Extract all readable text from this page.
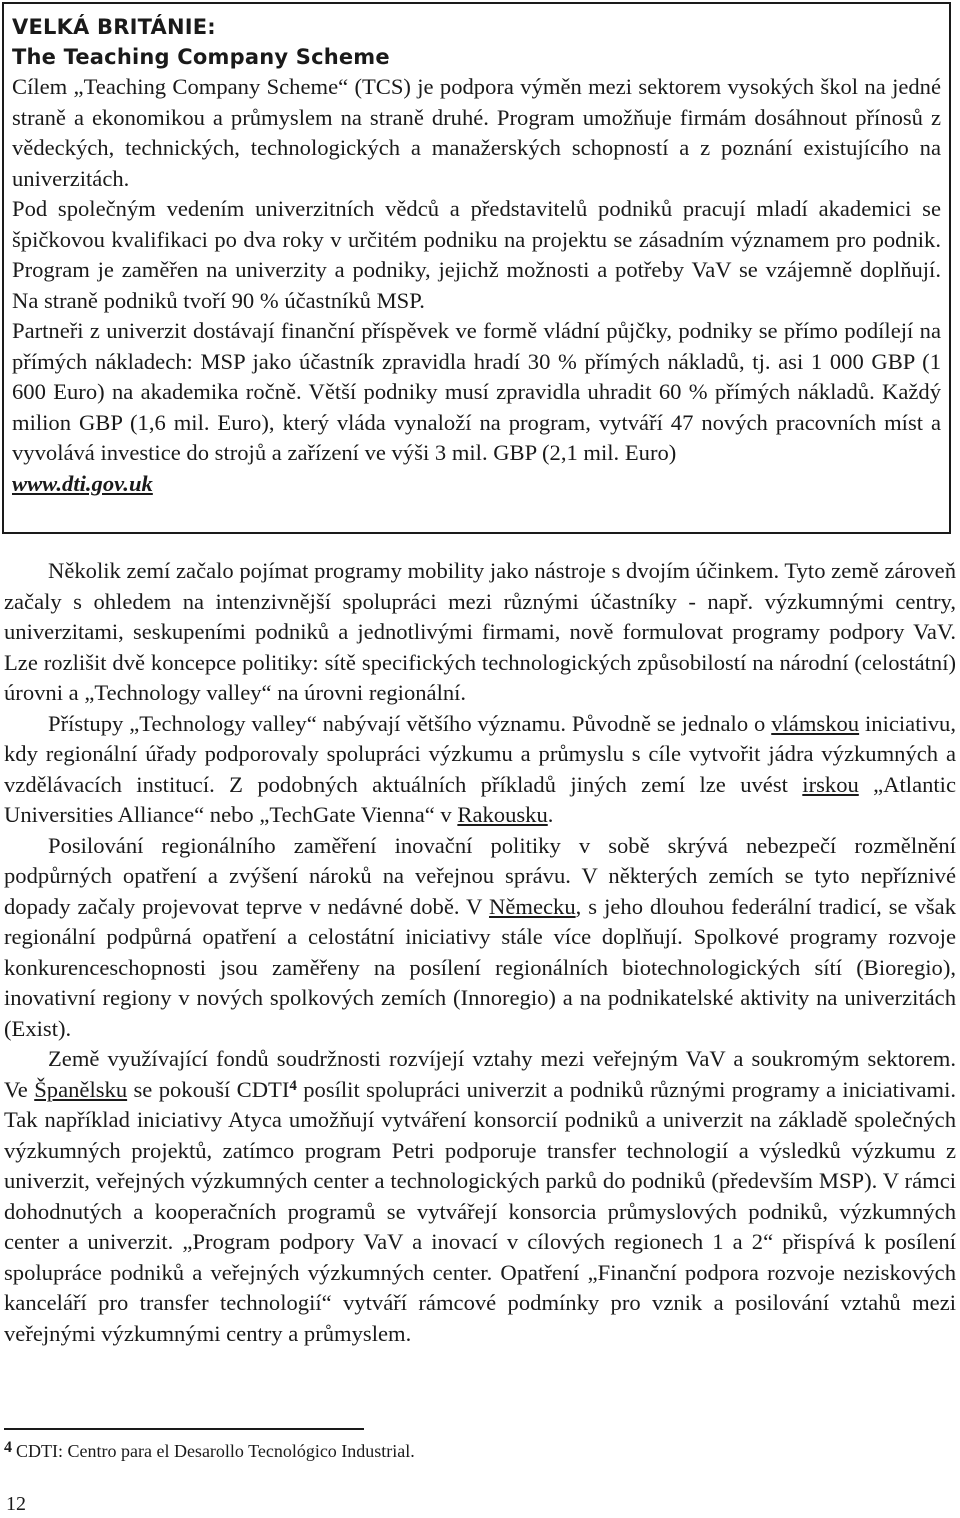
VELKÁ BRITÁNIE:
The Teaching Company Scheme

Cílem „Teaching Company Scheme“ (TCS) je podpora výměn mezi sektorem vysokých škol na jedné straně a ekonomikou a průmyslem na straně druhé. Program umožňuje firmám dosáhnout přínosů z vědeckých, technických, technologických a manažerských schopností a z poznání existujícího na univerzitách.

Pod společným vedením univerzitních vědců a představitelů podniků pracují mladí akademici se špičkovou kvalifikaci po dva roky v určitém podniku na projektu se zásadním významem pro podnik. Program je zaměřen na univerzity a podniky, jejichž možnosti a potřeby VaV se vzájemně doplňují. Na straně podniků tvoří 90 % účastníků MSP.

Partneři z univerzit dostávají finanční příspěvek ve formě vládní půjčky, podniky se přímo podílejí na přímých nákladech: MSP jako účastník zpravidla hradí 30 % přímých nákladů, tj. asi 1 000 GBP (1 600 Euro) na akademika ročně. Větší podniky musí zpravidla uhradit 60 % přímých nákladů. Každý milion GBP (1,6 mil. Euro), který vláda vynaloží na program, vytváří 47 nových pracovních míst a vyvolává investice do strojů a zařízení ve výši 3 mil. GBP (2,1 mil. Euro)

www.dti.gov.uk

Několik zemí začalo pojímat programy mobility jako nástroje s dvojím účinkem. Tyto země zároveň začaly s ohledem na intenzivnější spolupráci mezi různými účastníky - např. výzkumnými centry, univerzitami, seskupeními podniků a jednotlivými firmami, nově formulovat programy podpory VaV. Lze rozlišit dvě koncepce politiky: sítě specifických technologických způsobilostí na národní (celostátní) úrovni a „Technology valley“ na úrovni regionální.

Přístupy „Technology valley“ nabývají většího významu. Původně se jednalo o vlámskou iniciativu, kdy regionální úřady podporovaly spolupráci výzkumu a průmyslu s cíle vytvořit jádra výzkumných a vzdělávacích institucí. Z podobných aktuálních příkladů jiných zemí lze uvést irskou „Atlantic Universities Alliance“ nebo „TechGate Vienna“ v Rakousku.

Posilování regionálního zaměření inovační politiky v sobě skrývá nebezpečí rozmělnění podpůrných opatření a zvýšení nároků na veřejnou správu. V některých zemích se tyto nepříznivé dopady začaly projevovat teprve v nedávné době. V Německu, s jeho dlouhou federální tradicí, se však regionální podpůrná opatření a celostátní iniciativy stále více doplňují. Spolkové programy rozvoje konkurenceschopnosti jsou zaměřeny na posílení regionálních biotechnologických sítí (Bioregio), inovativní regiony v nových spolkových zemích (Innoregio) a na podnikatelské aktivity na univerzitách (Exist).

Země využívající fondů soudržnosti rozvíjejí vztahy mezi veřejným VaV a soukromým sektorem. Ve Španělsku se pokouší CDTI$^4$ posílit spolupráci univerzit a podniků různými programy a iniciativami. Tak například iniciativy Atyca umožňují vytváření konsorcií podniků a univerzit na základě společných výzkumných projektů, zatímco program Petri podporuje transfer technologií a výsledků výzkumu z univerzit, veřejných výzkumných center a technologických parků do podniků (především MSP). V rámci dohodnutých a kooperačních programů se vytvářejí konsorcia průmyslových podniků, výzkumných center a univerzit. „Program podpory VaV a inovací v cílových regionech 1 a 2“ přispívá k posílení spolupráce podniků a veřejných výzkumných center. Opatření „Finanční podpora rozvoje neziskových kanceláří pro transfer technologií“ vytváří rámcové podmínky pro vznik a posilování vztahů mezi veřejnými výzkumnými centry a průmyslem.

4 CDTI: Centro para el Desarollo Tecnológico Industrial.
12
